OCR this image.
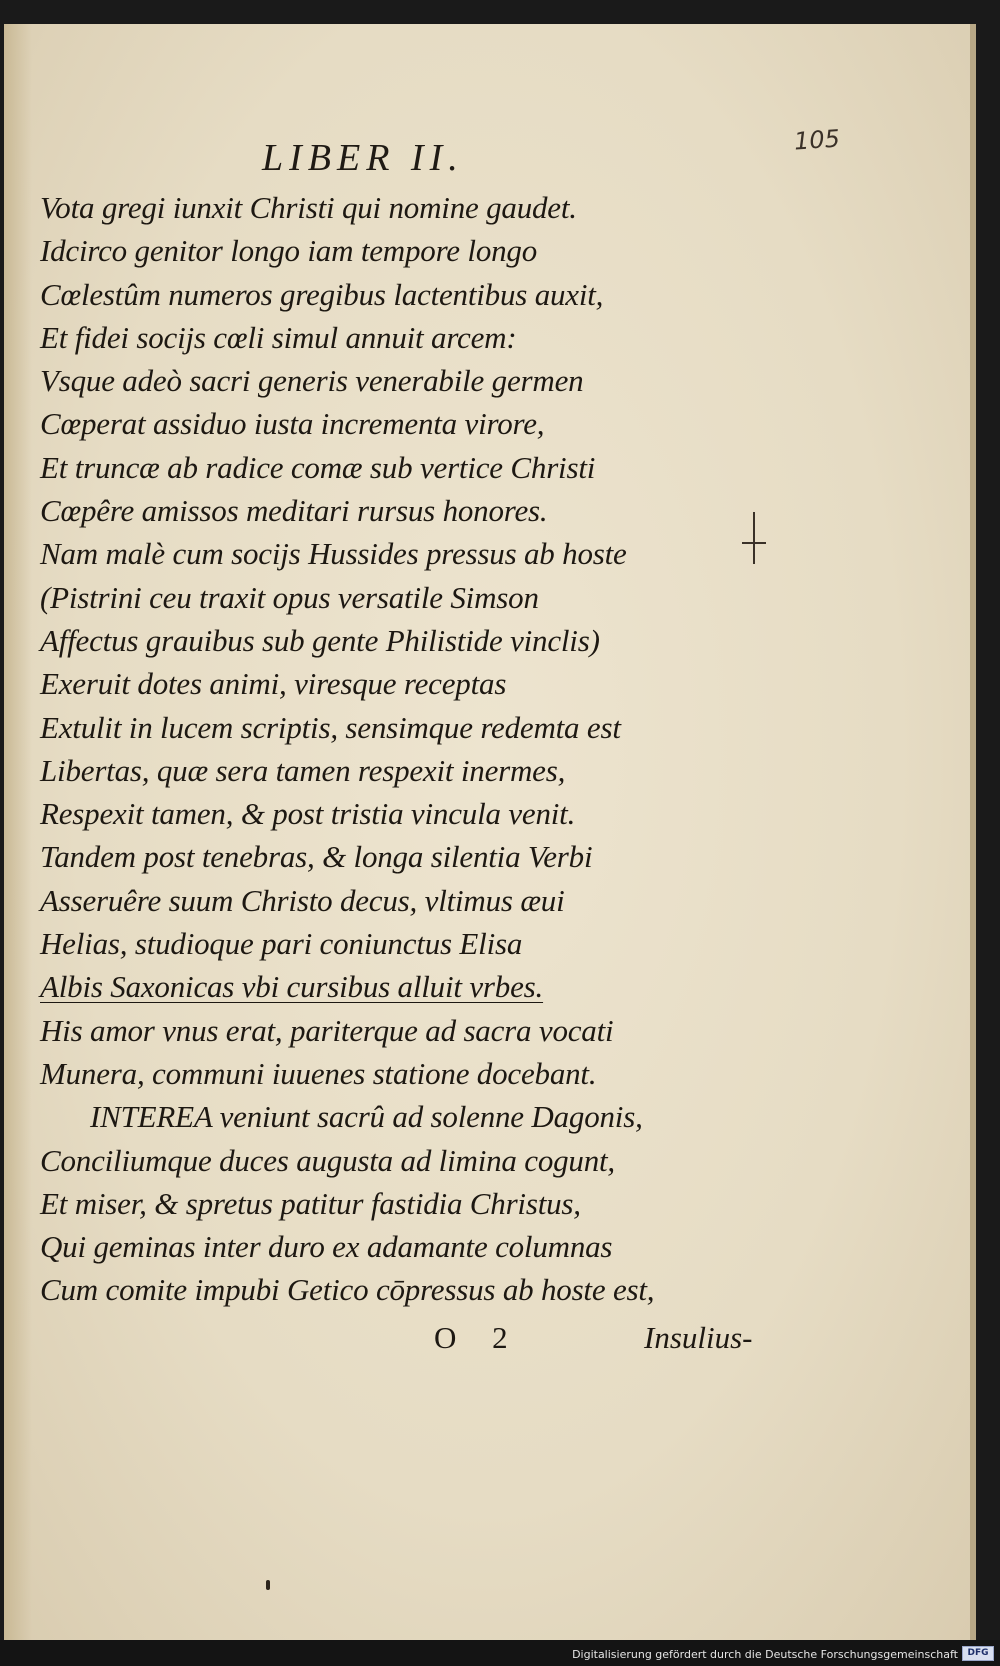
LIBER II.	105
Vota gregi iunxit Christi qui nomine gaudet.
Idcirco genitor longo iam tempore longo
Cœlestûm numeros gregibus lactentibus auxit,
Et fidei socijs cœli simul annuit arcem:
Vsque adeò sacri generis venerabile germen
Cœperat assiduo iusta incrementa virore,
Et truncæ ab radice comæ sub vertice Christi
Cœpêre amissos meditari rursus honores.
Nam malè cum socijs Hussides pressus ab hoste
(Pistrini ceu traxit opus versatile Simson
Affectus grauibus sub gente Philistide vinclis)
Exeruit dotes animi, viresque receptas
Extulit in lucem scriptis, sensimque redemta est
Libertas, quæ sera tamen respexit inermes,
Respexit tamen, & post tristia vincula venit.
Tandem post tenebras, & longa silentia Verbi
Asseruêre suum Christo decus, vltimus æui
Helias, studioque pari coniunctus Elisa
Albis Saxonicas vbi cursibus alluit vrbes.
His amor vnus erat, pariterque ad sacra vocati
Munera, communi iuuenes statione docebant.
INTEREA veniunt sacrû ad solenne Dagonis,
Conciliumque duces augusta ad limina cogunt,
Et miser, & spretus patitur fastidia Christus,
Qui geminas inter duro ex adamante columnas
Cum comite impubi Getico cōpressus ab hoste est,
O 2	Insulius-
Digitalisierung gefördert durch die Deutsche Forschungsgemeinschaft	DFG
